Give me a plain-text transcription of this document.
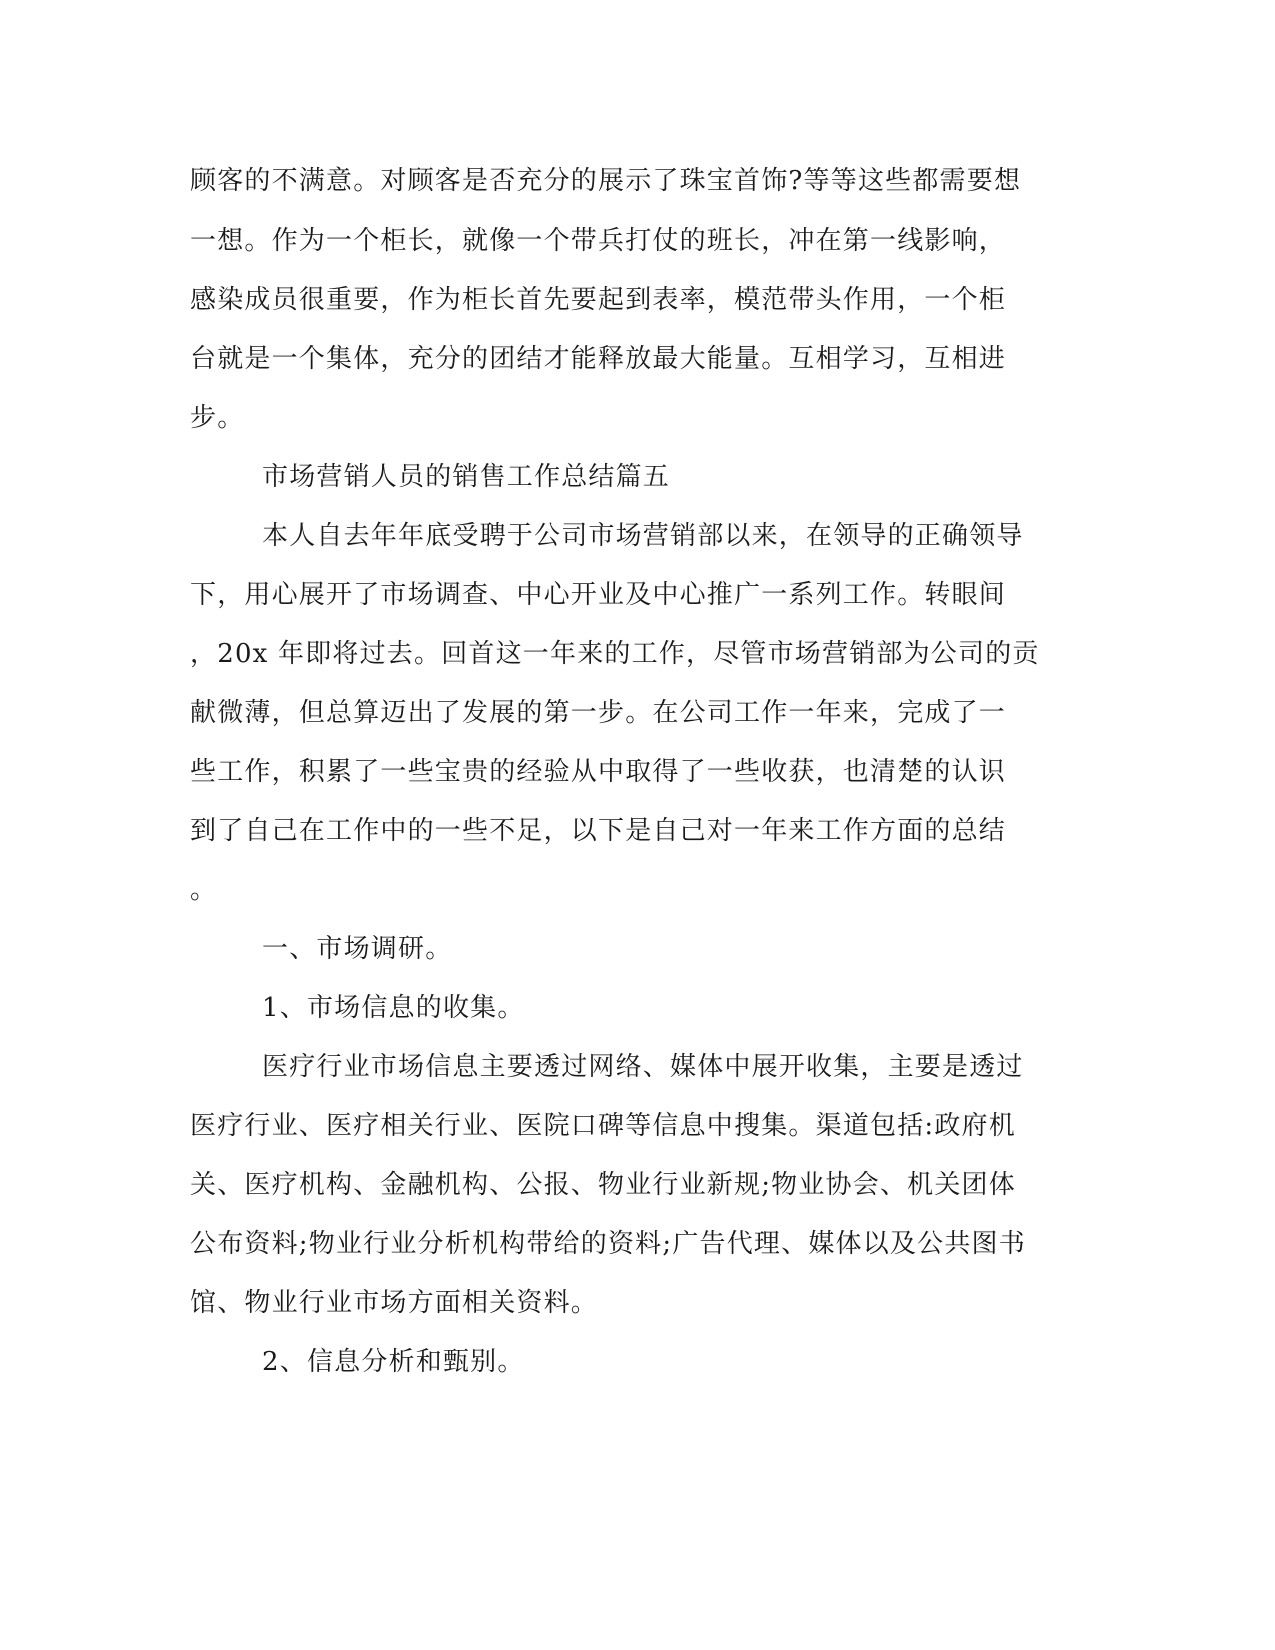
顾客的不满意。对顾客是否充分的展示了珠宝首饰?等等这些都需要想
一想。作为一个柜长，就像一个带兵打仗的班长，冲在第一线影响，
感染成员很重要，作为柜长首先要起到表率，模范带头作用，一个柜
台就是一个集体，充分的团结才能释放最大能量。互相学习，互相进
步。
市场营销人员的销售工作总结篇五
本人自去年年底受聘于公司市场营销部以来，在领导的正确领导
下，用心展开了市场调查、中心开业及中心推广一系列工作。转眼间
，20x 年即将过去。回首这一年来的工作，尽管市场营销部为公司的贡
献微薄，但总算迈出了发展的第一步。在公司工作一年来，完成了一
些工作，积累了一些宝贵的经验从中取得了一些收获，也清楚的认识
到了自己在工作中的一些不足，以下是自己对一年来工作方面的总结
。
一、市场调研。
1、市场信息的收集。
医疗行业市场信息主要透过网络、媒体中展开收集，主要是透过
医疗行业、医疗相关行业、医院口碑等信息中搜集。渠道包括:政府机
关、医疗机构、金融机构、公报、物业行业新规;物业协会、机关团体
公布资料;物业行业分析机构带给的资料;广告代理、媒体以及公共图书
馆、物业行业市场方面相关资料。
2、信息分析和甄别。
